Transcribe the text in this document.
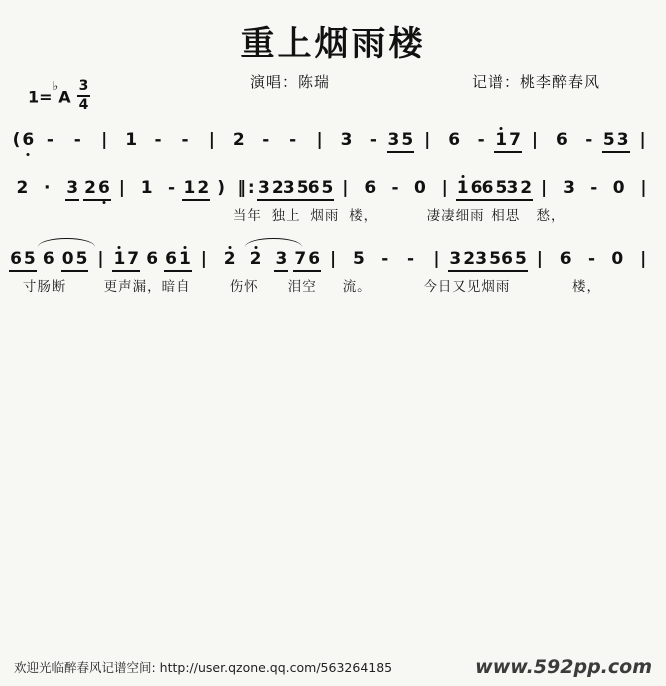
重上烟雨楼
1=♭A
3
4
演唱：陈瑞	记谱：桃李醉春风
( 6 - - | 1 - - | 2 - - | 3 - 3 5 | 6 - 1 7 | 6 - 5 3 |
2 · 3 2 6 | 1 - 1 2 ) ‖ : 3 2 3 5 6 5 | 6 - 0 | 1 6 6 5 3 2 | 3 - 0 |
当年 独上 烟雨 楼，	凄凄细雨 相思 愁，
6 5 6 0 5 | 1 7 6 6 1 | 2 2 3 7 6 | 5 - - | 3 2 3 5 6 5 | 6 - 0 |
寸肠断	更声漏，暗自	伤怀 泪空 流。	今日又见烟雨	楼，
欢迎光临醉春风记谱空间: http://user.qzone.qq.com/563264185	www.592pp.com
